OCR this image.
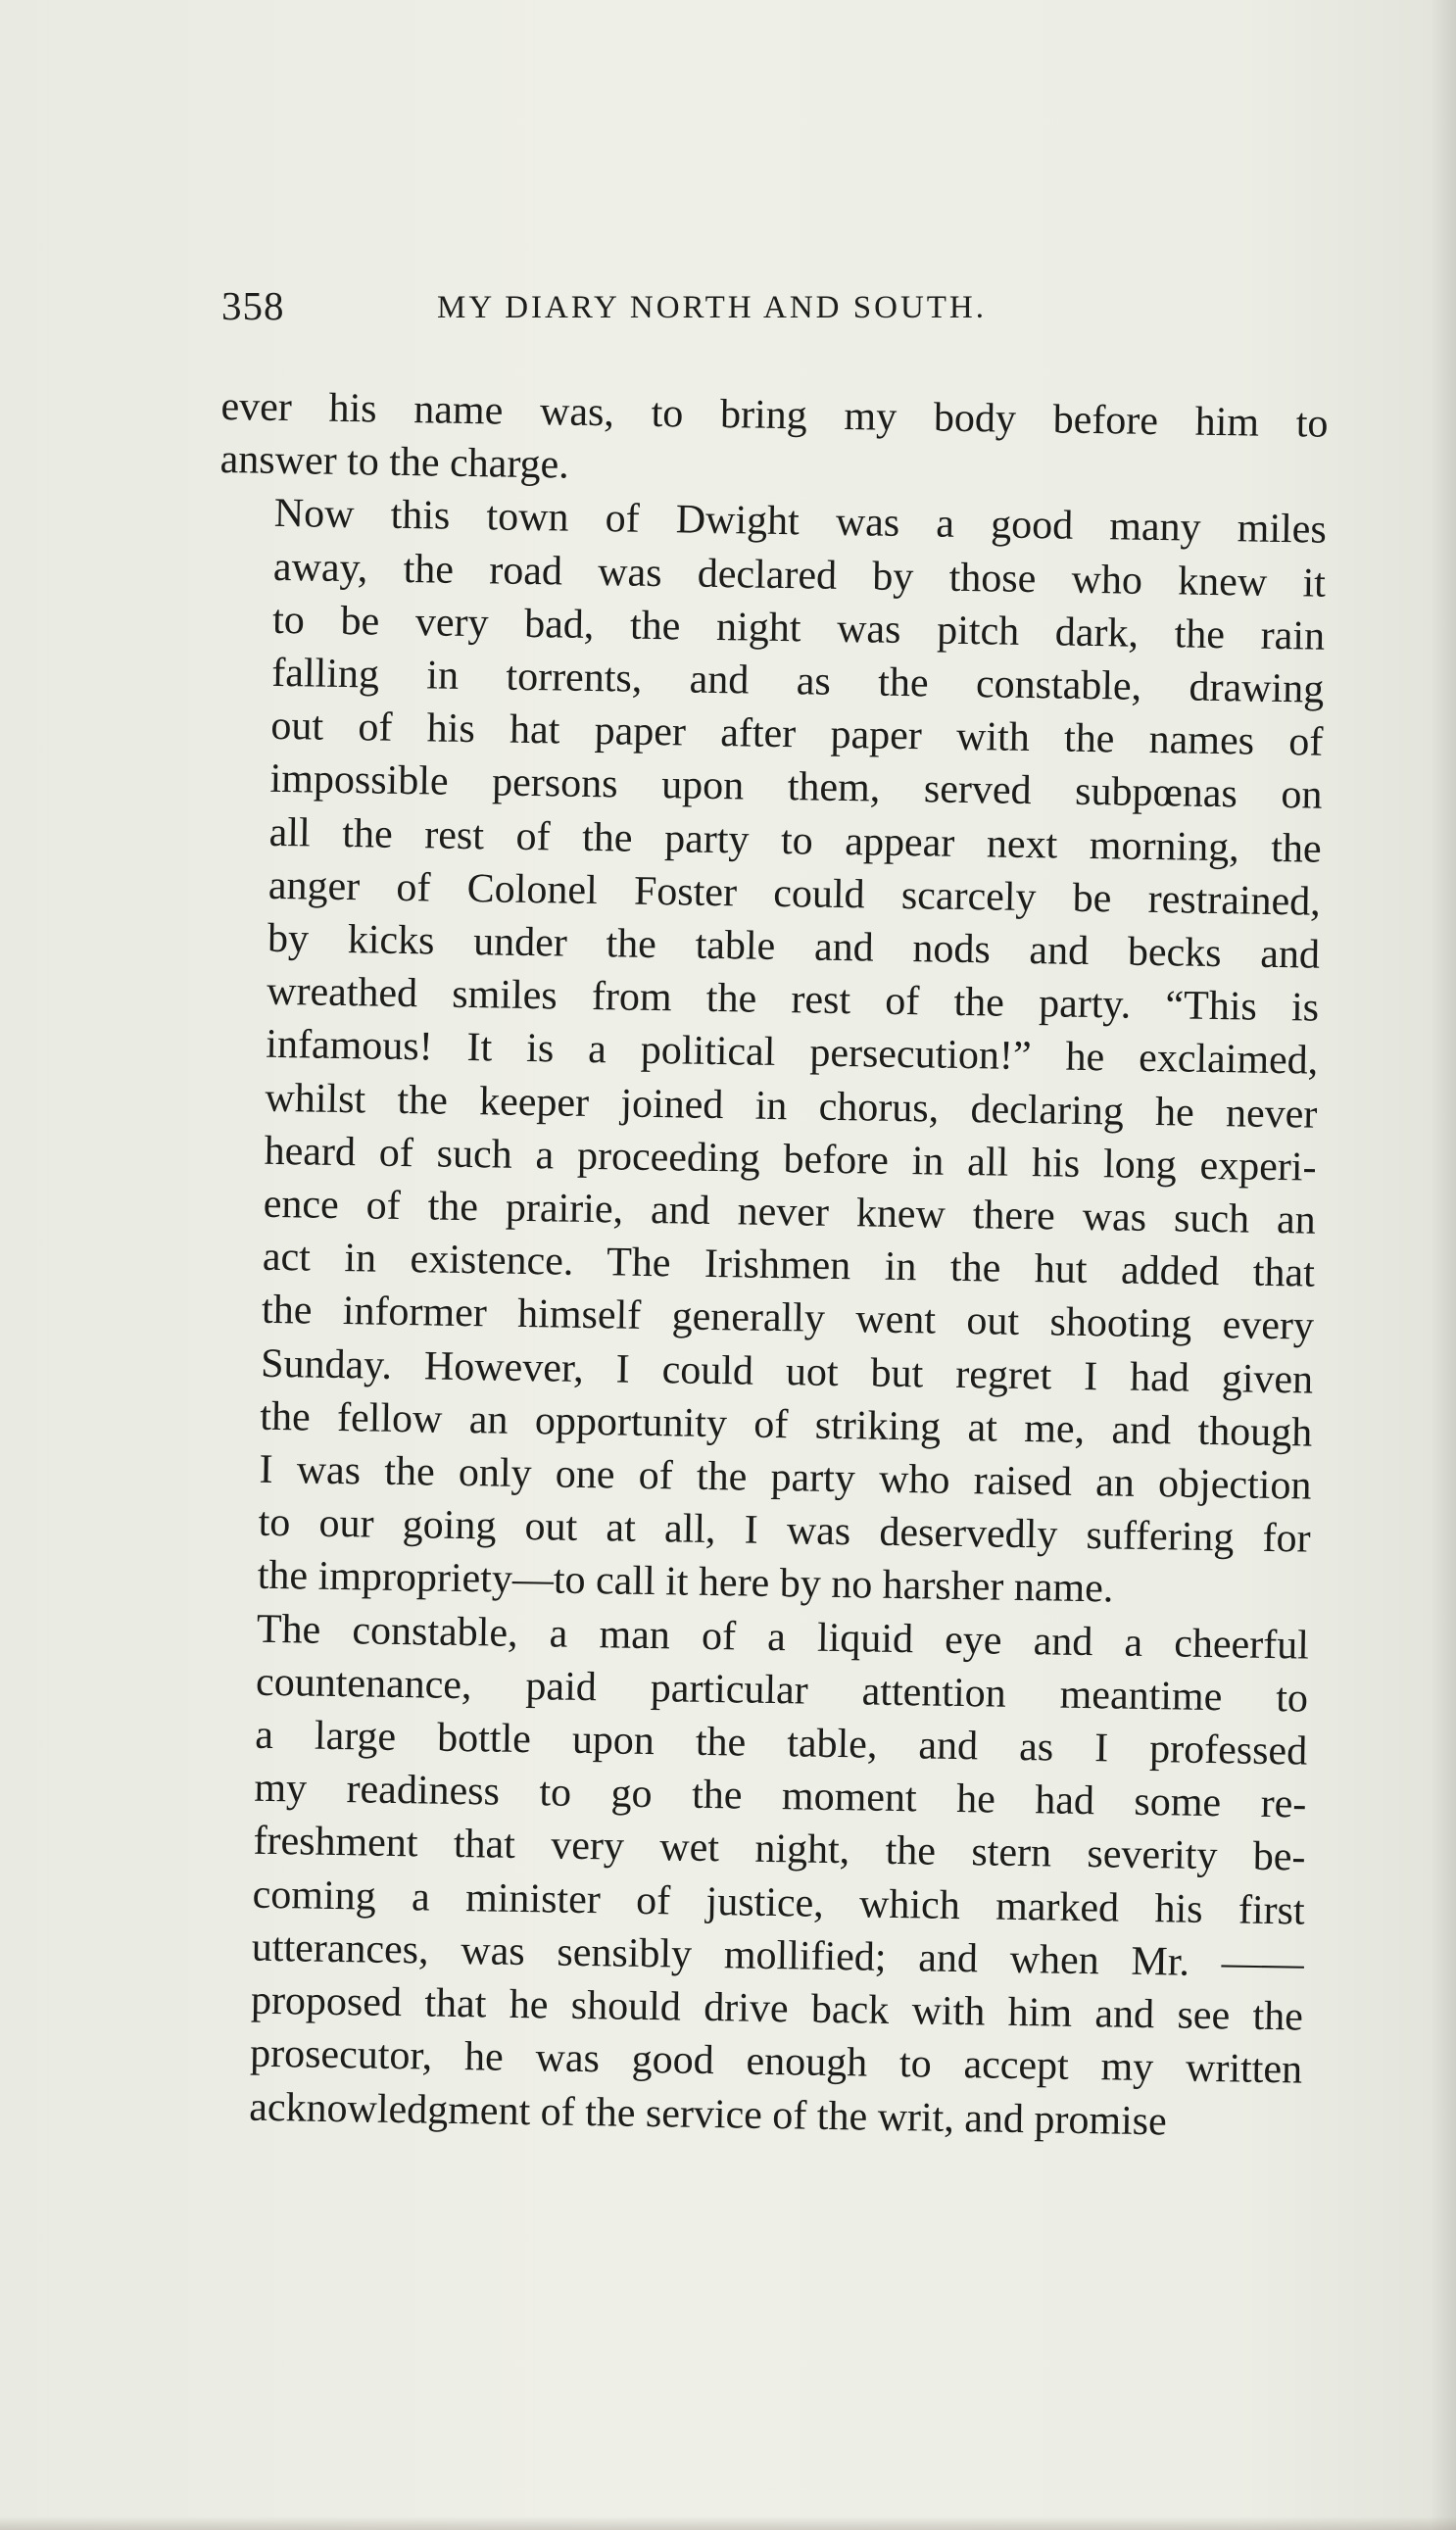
358	MY DIARY NORTH AND SOUTH.

ever his name was, to bring my body before him to
answer to the charge.

Now this town of Dwight was a good many miles
away, the road was declared by those who knew it
to be very bad, the night was pitch dark, the rain
falling in torrents, and as the constable, drawing
out of his hat paper after paper with the names of
impossible persons upon them, served subpœnas on
all the rest of the party to appear next morning, the
anger of Colonel Foster could scarcely be restrained,
by kicks under the table and nods and becks and
wreathed smiles from the rest of the party. “This is
infamous! It is a political persecution!” he exclaimed,
whilst the keeper joined in chorus, declaring he never
heard of such a proceeding before in all his long experi-
ence of the prairie, and never knew there was such an
act in existence. The Irishmen in the hut added that
the informer himself generally went out shooting every
Sunday. However, I could uot but regret I had given
the fellow an opportunity of striking at me, and though
I was the only one of the party who raised an objection
to our going out at all, I was deservedly suffering for
the impropriety—to call it here by no harsher name.

The constable, a man of a liquid eye and a cheerful
countenance, paid particular attention meantime to
a large bottle upon the table, and as I professed
my readiness to go the moment he had some re-
freshment that very wet night, the stern severity be-
coming a minister of justice, which marked his first
utterances, was sensibly mollified; and when Mr. ——
proposed that he should drive back with him and see the
prosecutor, he was good enough to accept my written
acknowledgment of the service of the writ, and promise
